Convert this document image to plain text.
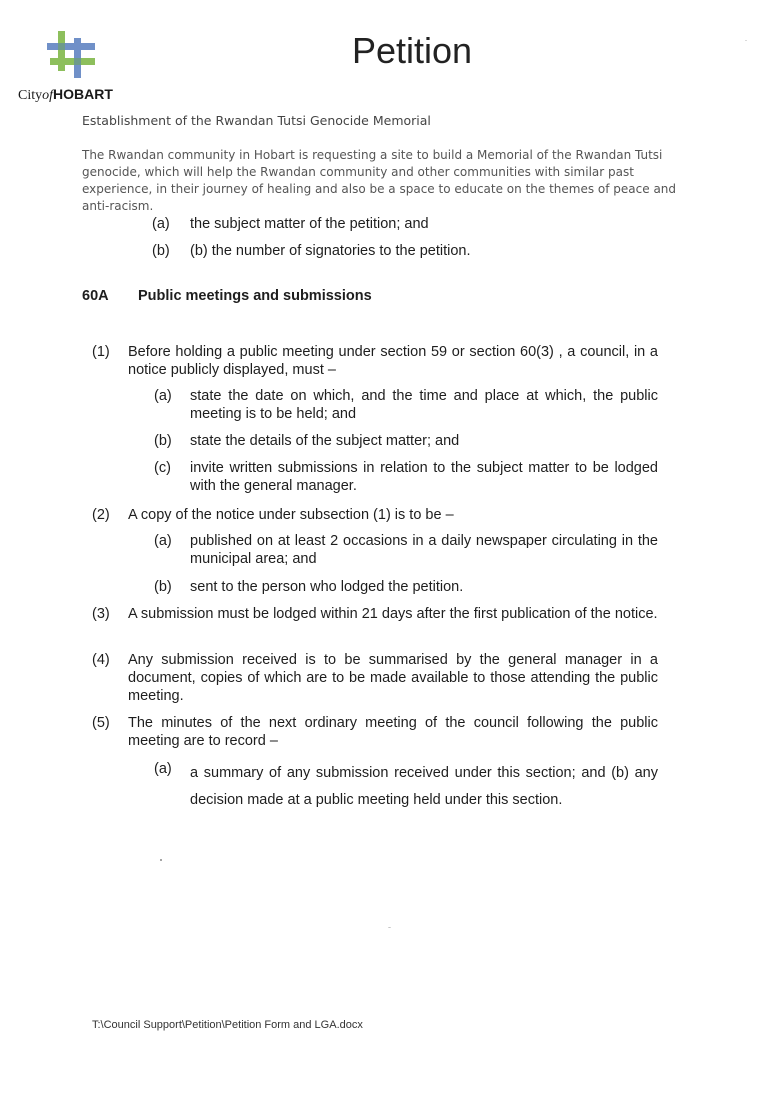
CityofHOBART
Petition
Establishment of the Rwandan Tutsi Genocide Memorial
The Rwandan community in Hobart is requesting a site to build a Memorial of the Rwandan Tutsi genocide, which will help the Rwandan community and other communities with similar past experience, in their journey of healing and also be a space to educate on the themes of peace and anti-racism.
(a) the subject matter of the petition; and
(b) (b) the number of signatories to the petition.
60A Public meetings and submissions
(1) Before holding a public meeting under section 59 or section 60(3) , a council, in a notice publicly displayed, must –
(a) state the date on which, and the time and place at which, the public meeting is to be held; and
(b) state the details of the subject matter; and
(c) invite written submissions in relation to the subject matter to be lodged with the general manager.
(2) A copy of the notice under subsection (1) is to be –
(a) published on at least 2 occasions in a daily newspaper circulating in the municipal area; and
(b) sent to the person who lodged the petition.
(3) A submission must be lodged within 21 days after the first publication of the notice.
(4) Any submission received is to be summarised by the general manager in a document, copies of which are to be made available to those attending the public meeting.
(5) The minutes of the next ordinary meeting of the council following the public meeting are to record –
(a) a summary of any submission received under this section; and (b) any decision made at a public meeting held under this section.
T:\Council Support\Petition\Petition Form and LGA.docx
